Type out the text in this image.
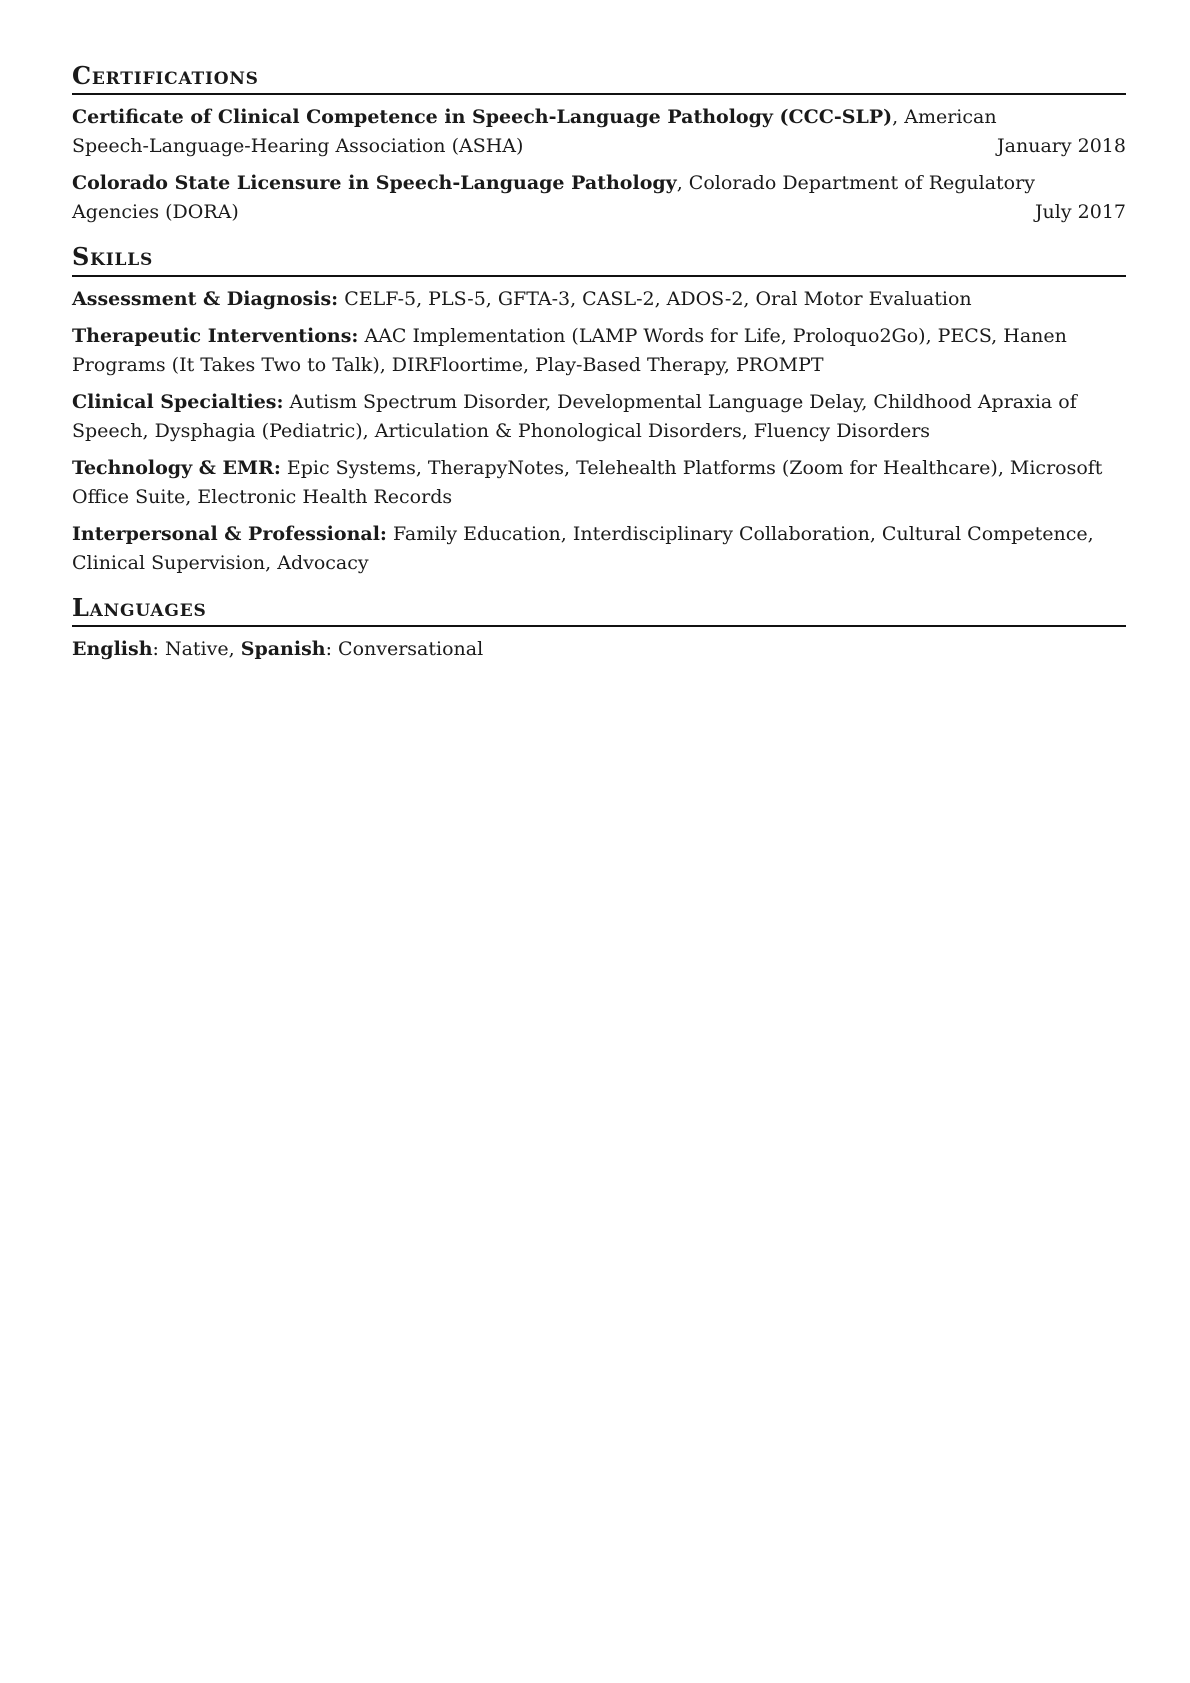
Certifications
Certificate of Clinical Competence in Speech-Language Pathology (CCC-SLP), American
Speech-Language-Hearing Association (ASHA)	January 2018
Colorado State Licensure in Speech-Language Pathology, Colorado Department of Regulatory
Agencies (DORA)	July 2017
Skills
Assessment & Diagnosis: CELF-5, PLS-5, GFTA-3, CASL-2, ADOS-2, Oral Motor Evaluation
Therapeutic Interventions: AAC Implementation (LAMP Words for Life, Proloquo2Go), PECS, Hanen Programs (It Takes Two to Talk), DIRFloortime, Play-Based Therapy, PROMPT
Clinical Specialties: Autism Spectrum Disorder, Developmental Language Delay, Childhood Apraxia of Speech, Dysphagia (Pediatric), Articulation & Phonological Disorders, Fluency Disorders
Technology & EMR: Epic Systems, TherapyNotes, Telehealth Platforms (Zoom for Healthcare), Microsoft Office Suite, Electronic Health Records
Interpersonal & Professional: Family Education, Interdisciplinary Collaboration, Cultural Competence, Clinical Supervision, Advocacy
Languages
English: Native, Spanish: Conversational
